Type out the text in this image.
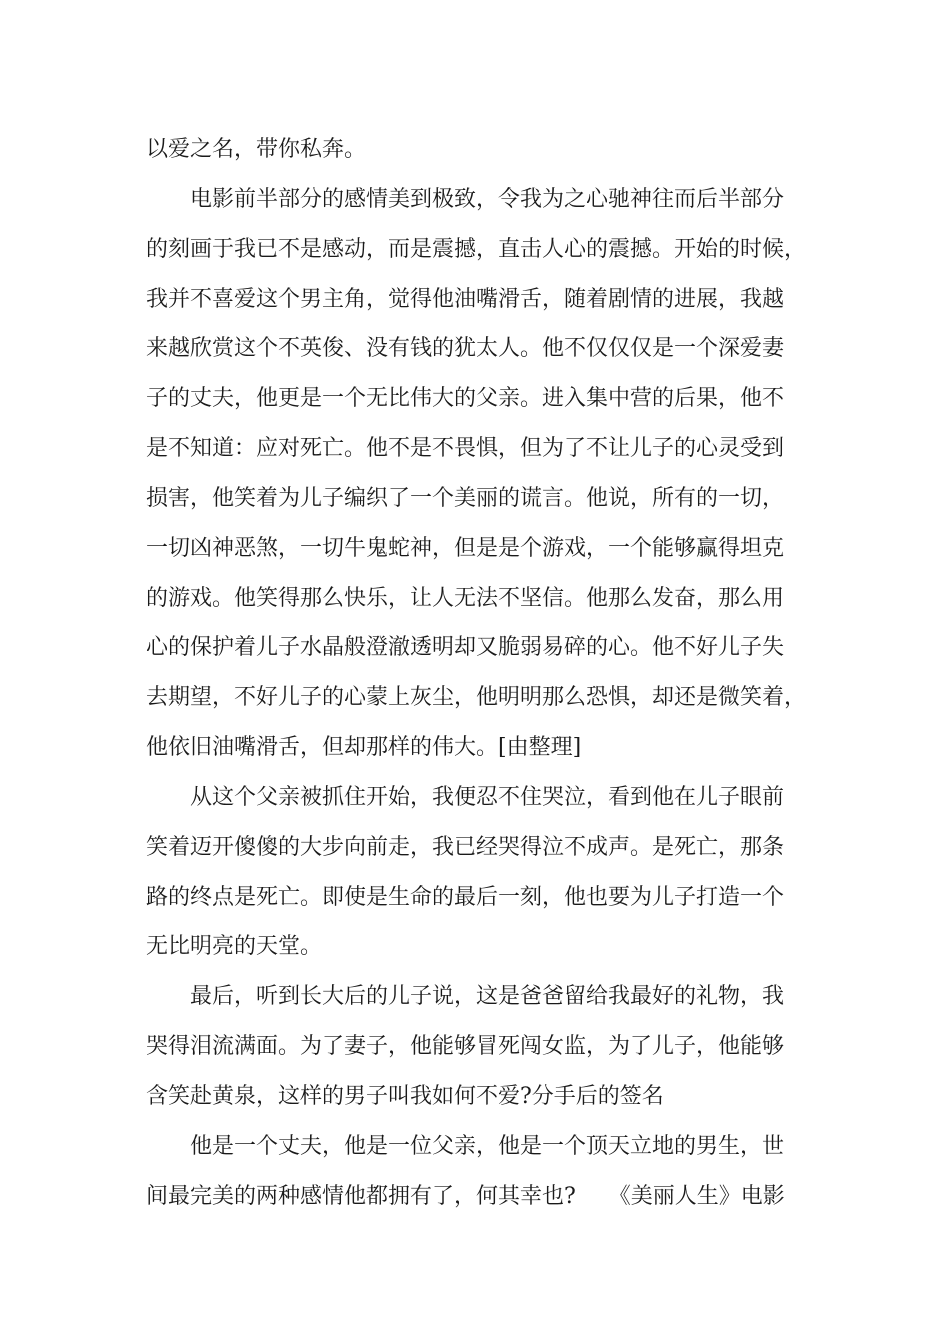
以爱之名，带你私奔。
电影前半部分的感情美到极致，令我为之心驰神往而后半部分
的刻画于我已不是感动，而是震撼，直击人心的震撼。开始的时候，
我并不喜爱这个男主角，觉得他油嘴滑舌，随着剧情的进展，我越
来越欣赏这个不英俊、没有钱的犹太人。他不仅仅仅是一个深爱妻
子的丈夫，他更是一个无比伟大的父亲。进入集中营的后果，他不
是不知道：应对死亡。他不是不畏惧，但为了不让儿子的心灵受到
损害，他笑着为儿子编织了一个美丽的谎言。他说，所有的一切，
一切凶神恶煞，一切牛鬼蛇神，但是是个游戏，一个能够赢得坦克
的游戏。他笑得那么快乐，让人无法不坚信。他那么发奋，那么用
心的保护着儿子水晶般澄澈透明却又脆弱易碎的心。他不好儿子失
去期望，不好儿子的心蒙上灰尘，他明明那么恐惧，却还是微笑着，
他依旧油嘴滑舌，但却那样的伟大。[由整理]
从这个父亲被抓住开始，我便忍不住哭泣，看到他在儿子眼前
笑着迈开傻傻的大步向前走，我已经哭得泣不成声。是死亡，那条
路的终点是死亡。即使是生命的最后一刻，他也要为儿子打造一个
无比明亮的天堂。
最后，听到长大后的儿子说，这是爸爸留给我最好的礼物，我
哭得泪流满面。为了妻子，他能够冒死闯女监，为了儿子，他能够
含笑赴黄泉，这样的男子叫我如何不爱?分手后的签名
他是一个丈夫，他是一位父亲，他是一个顶天立地的男生，世
间最完美的两种感情他都拥有了，何其幸也?　　《美丽人生》电影
